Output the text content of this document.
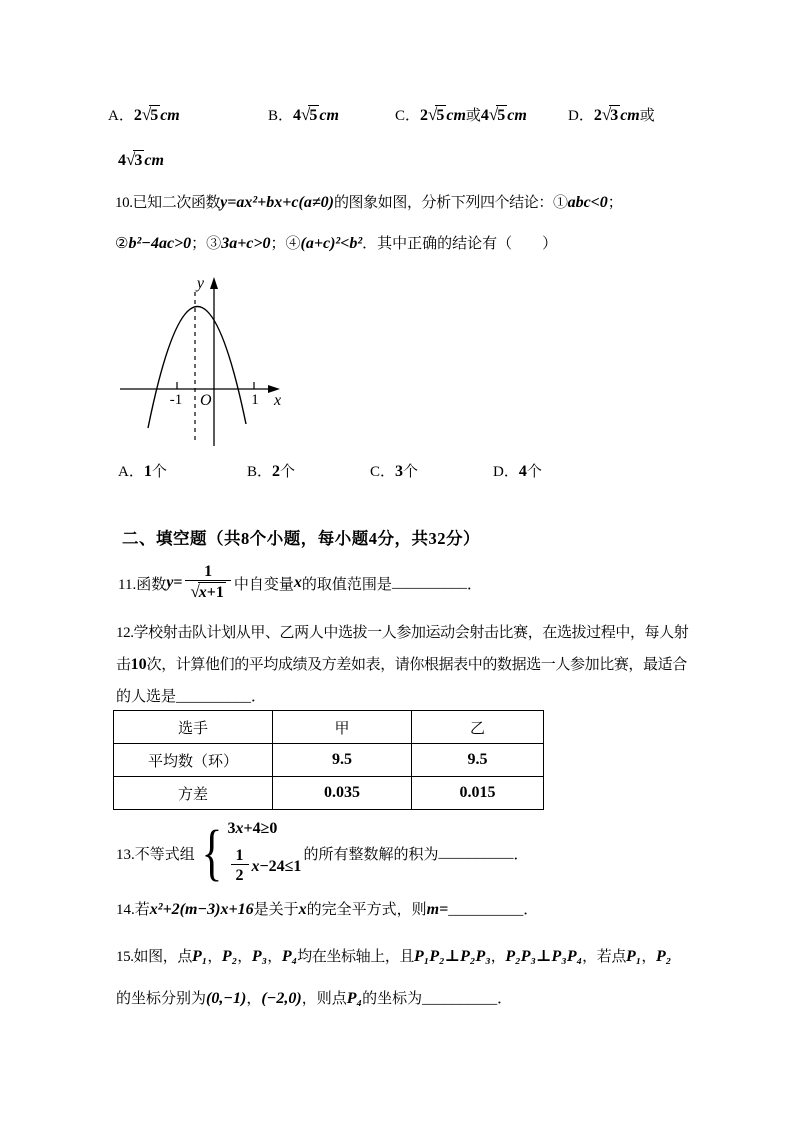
A．2 √ 5 cm	B．4 √ 5 cm	C．2 √ 5 cm或4 √ 5 cm	D．2 √ 3 cm或
4 √ 3 cm
10.已知二次函数y=ax²+bx+c(a≠0)的图象如图，分析下列四个结论：①abc<0；
②b²−4ac>0；③3a+c>0；④(a+c)²<b²．其中正确的结论有（　　）
y
x
O
-1	1
A．1个	B．2个	C．3个	D．4个
二、填空题（共8个小题，每小题4分，共32分）
11.函数 $y = \frac{1}{√ x+1}$ 中自变量 x 的取值范围是 __________ ．
12.学校射击队计划从甲、乙两人中选拔一人参加运动会射击比赛，在选拔过程中，每人射
击10次，计算他们的平均成绩及方差如表，请你根据表中的数据选一人参加比赛，最适合
的人选是__________．
选手	甲	乙
平均数（环）	9.5	9.5
方差	0.035	0.015
13.不等式组 { 3 x +4≥0
$\frac{1}{2}$ x −24≤1
的所有整数解的积为 __________ ．
14.若x²+2(m−3)x+16是关于x的完全平方式，则m=__________．
15.如图，点P₁，P₂，P₃，P₄均在坐标轴上，且P₁P₂⊥P₂P₃，P₂P₃⊥P₃P₄，若点P₁，P₂
的坐标分别为(0,−1)，(−2,0)，则点P₄的坐标为__________．
